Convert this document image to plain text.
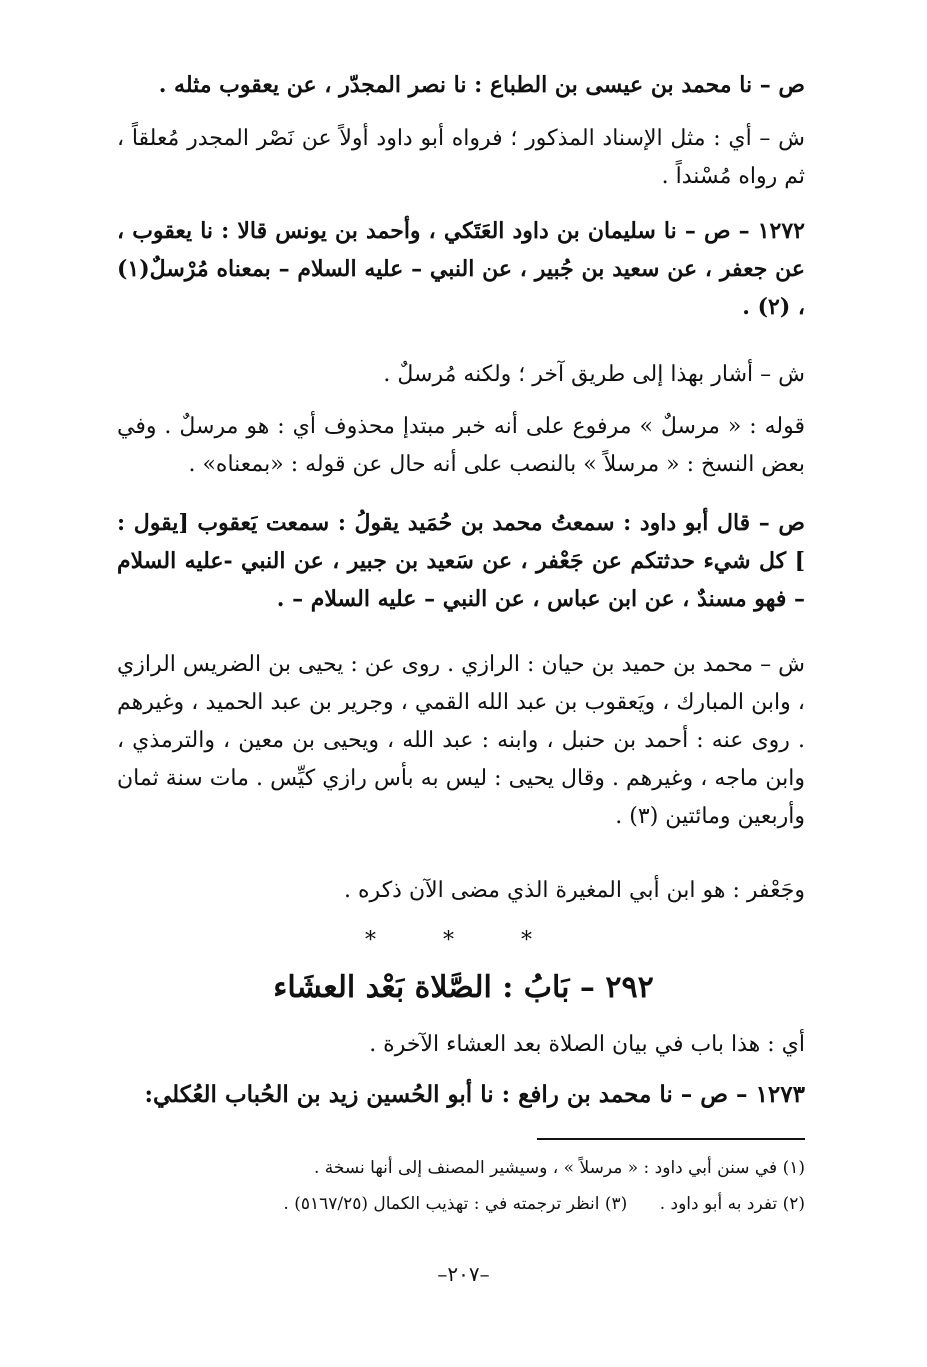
ص – نا محمد بن عيسى بن الطباع : نا نصر المجدّر ، عن يعقوب مثله .

ش – أي : مثل الإسناد المذكور ؛ فرواه أبو داود أولاً عن نَصْر المجدر مُعلقاً ، ثم رواه مُسْنداً .

١٢٧٢ – ص – نا سليمان بن داود العَتَكي ، وأحمد بن يونس قالا : نا يعقوب ، عن جعفر ، عن سعيد بن جُبير ، عن النبي – عليه السلام – بمعناه مُرْسلٌ(١) ، (٢) .

ش – أشار بهذا إلى طريق آخر ؛ ولكنه مُرسلٌ .

قوله : « مرسلٌ » مرفوع على أنه خبر مبتدإ محذوف أي : هو مرسلٌ . وفي بعض النسخ : « مرسلاً » بالنصب على أنه حال عن قوله : «بمعناه» .

ص – قال أبو داود : سمعتُ محمد بن حُمَيد يقولُ : سمعت يَعقوب [يقول : ] كل شيء حدثتكم عن جَعْفر ، عن سَعيد بن جبير ، عن النبي -عليه السلام – فهو مسندٌ ، عن ابن عباس ، عن النبي – عليه السلام – .

ش – محمد بن حميد بن حيان : الرازي . روى عن : يحيى بن الضريس الرازي ، وابن المبارك ، ويَعقوب بن عبد الله القمي ، وجرير بن عبد الحميد ، وغيرهم . روى عنه : أحمد بن حنبل ، وابنه : عبد الله ، ويحيى بن معين ، والترمذي ، وابن ماجه ، وغيرهم . وقال يحيى : ليس به بأس رازي كيِّس . مات سنة ثمان وأربعين ومائتين (٣) .

وجَعْفر : هو ابن أبي المغيرة الذي مضى الآن ذكره .

* * *
٢٩٢ – بَابُ : الصَّلاة بَعْد العشَاء

أي : هذا باب في بيان الصلاة بعد العشاء الآخرة .

١٢٧٣ – ص – نا محمد بن رافع : نا أبو الحُسين زيد بن الحُباب العُكلي:

(١) في سنن أبي داود : « مرسلاً » ، وسيشير المصنف إلى أنها نسخة .

(٢) تفرد به أبو داود .      (٣) انظر ترجمته في : تهذيب الكمال (٥١٦٧/٢٥) .

–٢٠٧–
